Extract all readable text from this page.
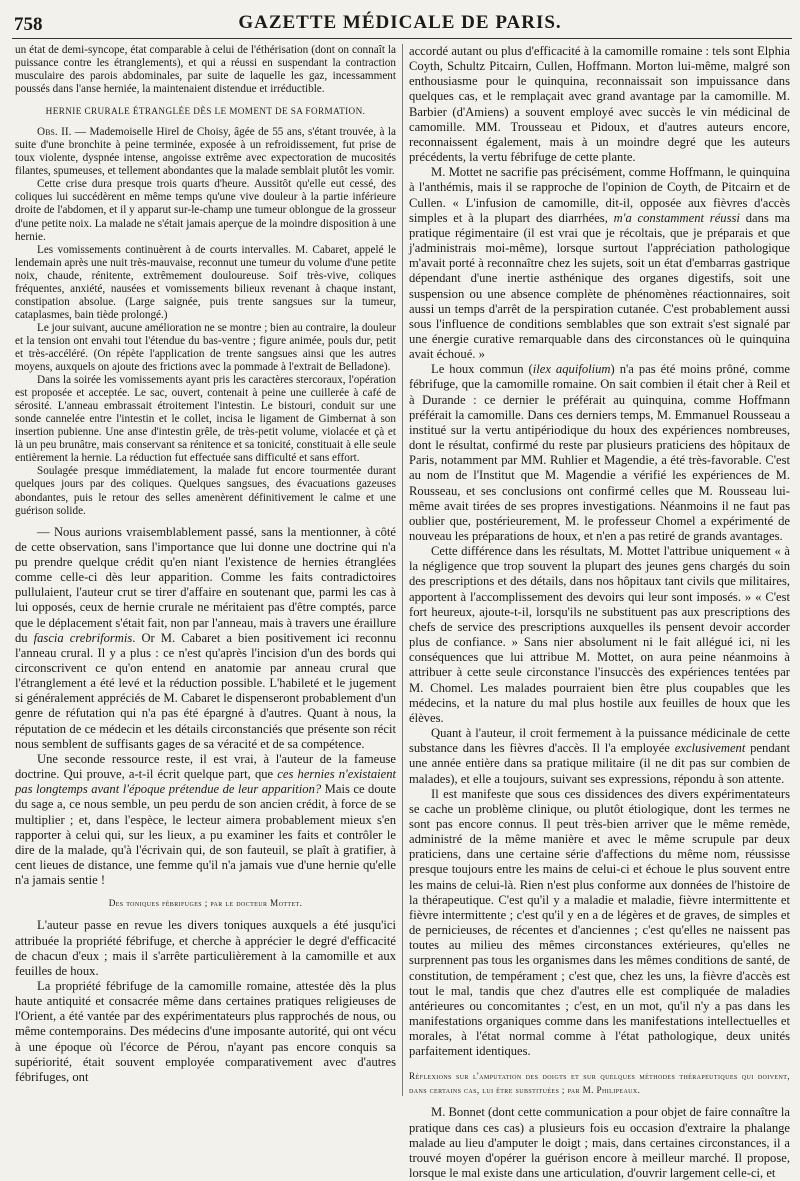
758	GAZETTE MÉDICALE DE PARIS.

un état de demi-syncope, état comparable à celui de l'éthérisation (dont on connaît la puissance contre les étranglements), et qui a réussi en suspendant la contraction musculaire des parois abdominales, par suite de laquelle les gaz, incessamment poussés dans l'anse herniée, la maintenaient distendue et irréductible.

HERNIE CRURALE ÉTRANGLÉE DÈS LE MOMENT DE SA FORMATION.

Obs. II. — Mademoiselle Hirel de Choisy, âgée de 55 ans, s'étant trouvée, à la suite d'une bronchite à peine terminée, exposée à un refroidissement, fut prise de toux violente, dyspnée intense, angoisse extrême avec expectoration de mucosités filantes, spumeuses, et tellement abondantes que la malade semblait plutôt les vomir.

Cette crise dura presque trois quarts d'heure. Aussitôt qu'elle eut cessé, des coliques lui succédèrent en même temps qu'une vive douleur à la partie inférieure droite de l'abdomen, et il y apparut sur-le-champ une tumeur oblongue de la grosseur d'une petite noix. La malade ne s'était jamais aperçue de la moindre disposition à une hernie.

Les vomissements continuèrent à de courts intervalles. M. Cabaret, appelé le lendemain après une nuit très-mauvaise, reconnut une tumeur du volume d'une petite noix, chaude, rénitente, extrêmement douloureuse. Soif très-vive, coliques fréquentes, anxiété, nausées et vomissements bilieux revenant à chaque instant, constipation absolue. (Large saignée, puis trente sangsues sur la tumeur, cataplasmes, bain tiède prolongé.)

Le jour suivant, aucune amélioration ne se montre ; bien au contraire, la douleur et la tension ont envahi tout l'étendue du bas-ventre ; figure animée, pouls dur, petit et très-accéléré. (On répète l'application de trente sangsues ainsi que les autres moyens, auxquels on ajoute des frictions avec la pommade à l'extrait de Belladone).

Dans la soirée les vomissements ayant pris les caractères stercoraux, l'opération est proposée et acceptée. Le sac, ouvert, contenait à peine une cuillerée à café de sérosité. L'anneau embrassait étroitement l'intestin. Le bistouri, conduit sur une sonde cannelée entre l'intestin et le collet, incisa le ligament de Gimbernat à son insertion pubienne. Une anse d'intestin grêle, de très-petit volume, violacée et çà et là un peu brunâtre, mais conservant sa rénitence et sa tonicité, constituait à elle seule entièrement la hernie. La réduction fut effectuée sans difficulté et sans effort.

Soulagée presque immédiatement, la malade fut encore tourmentée durant quelques jours par des coliques. Quelques sangsues, des évacuations gazeuses abondantes, puis le retour des selles amenèrent définitivement le calme et une guérison solide.

— Nous aurions vraisemblablement passé, sans la mentionner, à côté de cette observation, sans l'importance que lui donne une doctrine qui n'a pu prendre quelque crédit qu'en niant l'existence de hernies étranglées comme celle-ci dès leur apparition. Comme les faits contradictoires pullulaient, l'auteur crut se tirer d'affaire en soutenant que, parmi les cas à lui opposés, ceux de hernie crurale ne méritaient pas d'être comptés, parce que le déplacement s'était fait, non par l'anneau, mais à travers une éraillure du fascia crebriformis. Or M. Cabaret a bien positivement ici reconnu l'anneau crural. Il y a plus : ce n'est qu'après l'incision d'un des bords qui circonscrivent ce qu'on entend en anatomie par anneau crural que l'étranglement a été levé et la réduction possible. L'habileté et le jugement si généralement appréciés de M. Cabaret le dispenseront probablement d'un genre de réfutation qui n'a pas été épargné à d'autres. Quant à nous, la réputation de ce médecin et les détails circonstanciés que présente son récit nous semblent de suffisants gages de sa véracité et de sa compétence.

Une seconde ressource reste, il est vrai, à l'auteur de la fameuse doctrine. Qui prouve, a-t-il écrit quelque part, que ces hernies n'existaient pas longtemps avant l'époque prétendue de leur apparition? Mais ce doute du sage a, ce nous semble, un peu perdu de son ancien crédit, à force de se multiplier ; et, dans l'espèce, le lecteur aimera probablement mieux s'en rapporter à celui qui, sur les lieux, a pu examiner les faits et contrôler le dire de la malade, qu'à l'écrivain qui, de son fauteuil, se plaît à gratifier, à cent lieues de distance, une femme qu'il n'a jamais vue d'une hernie qu'elle n'a jamais sentie !

Des toniques fébrifuges ; par le docteur Mottet.

L'auteur passe en revue les divers toniques auxquels a été jusqu'ici attribuée la propriété fébrifuge, et cherche à apprécier le degré d'efficacité de chacun d'eux ; mais il s'arrête particulièrement à la camomille et aux feuilles de houx.

La propriété fébrifuge de la camomille romaine, attestée dès la plus haute antiquité et consacrée même dans certaines pratiques religieuses de l'Orient, a été vantée par des expérimentateurs plus rapprochés de nous, ou même contemporains. Des médecins d'une imposante autorité, qui ont vécu à une époque où l'écorce de Pérou, n'ayant pas encore conquis sa supériorité, était souvent employée comparativement avec d'autres fébrifuges, ont

accordé autant ou plus d'efficacité à la camomille romaine : tels sont Elphia Coyth, Schultz Pitcairn, Cullen, Hoffmann. Morton lui-même, malgré son enthousiasme pour le quinquina, reconnaissait son impuissance dans quelques cas, et le remplaçait avec grand avantage par la camomille. M. Barbier (d'Amiens) a souvent employé avec succès le vin médicinal de camomille. MM. Trousseau et Pidoux, et d'autres auteurs encore, reconnaissent également, mais à un moindre degré que les auteurs précédents, la vertu fébrifuge de cette plante.

M. Mottet ne sacrifie pas précisément, comme Hoffmann, le quinquina à l'anthémis, mais il se rapproche de l'opinion de Coyth, de Pitcairn et de Cullen. « L'infusion de camomille, dit-il, opposée aux fièvres d'accès simples et à la plupart des diarrhées, m'a constamment réussi dans ma pratique régimentaire (il est vrai que je récoltais, que je préparais et que j'administrais moi-même), lorsque surtout l'appréciation pathologique m'avait porté à reconnaître chez les sujets, soit un état d'embarras gastrique dépendant d'une inertie asthénique des organes digestifs, soit une suspension ou une absence complète de phénomènes réactionnaires, soit aussi un temps d'arrêt de la perspiration cutanée. C'est probablement aussi sous l'influence de conditions semblables que son extrait s'est signalé par une énergie curative remarquable dans des circonstances où le quinquina avait échoué. »

Le houx commun (ilex aquifolium) n'a pas été moins prôné, comme fébrifuge, que la camomille romaine. On sait combien il était cher à Reil et à Durande : ce dernier le préférait au quinquina, comme Hoffmann préférait la camomille. Dans ces derniers temps, M. Emmanuel Rousseau a institué sur la vertu antipériodique du houx des expériences nombreuses, dont le résultat, confirmé du reste par plusieurs praticiens des hôpitaux de Paris, notamment par MM. Ruhlier et Magendie, a été très-favorable. C'est au nom de l'Institut que M. Magendie a vérifié les expériences de M. Rousseau, et ses conclusions ont confirmé celles que M. Rousseau lui-même avait tirées de ses propres investigations. Néanmoins il ne faut pas oublier que, postérieurement, M. le professeur Chomel a expérimenté de nouveau les préparations de houx, et n'en a pas retiré de grands avantages.

Cette différence dans les résultats, M. Mottet l'attribue uniquement « à la négligence que trop souvent la plupart des jeunes gens chargés du soin des prescriptions et des détails, dans nos hôpitaux tant civils que militaires, apportent à l'accomplissement des devoirs qui leur sont imposés. » « C'est fort heureux, ajoute-t-il, lorsqu'ils ne substituent pas aux prescriptions des chefs de service des prescriptions auxquelles ils pensent devoir accorder plus de confiance. » Sans nier absolument ni le fait allégué ici, ni les conséquences que lui attribue M. Mottet, on aura peine néanmoins à attribuer à cette seule circonstance l'insuccès des expériences tentées par M. Chomel. Les malades pourraient bien être plus coupables que les médecins, et la nature du mal plus hostile aux feuilles de houx que les élèves.

Quant à l'auteur, il croit fermement à la puissance médicinale de cette substance dans les fièvres d'accès. Il l'a employée exclusivement pendant une année entière dans sa pratique militaire (il ne dit pas sur combien de malades), et elle a toujours, suivant ses expressions, répondu à son attente.

Il est manifeste que sous ces dissidences des divers expérimentateurs se cache un problème clinique, ou plutôt étiologique, dont les termes ne sont pas encore connus. Il peut très-bien arriver que le même remède, administré de la même manière et avec le même scrupule par deux praticiens, dans une certaine série d'affections du même nom, réussisse presque toujours entre les mains de celui-ci et échoue le plus souvent entre les mains de celui-là. Rien n'est plus conforme aux données de l'histoire de la thérapeutique. C'est qu'il y a maladie et maladie, fièvre intermittente et fièvre intermittente ; c'est qu'il y en a de légères et de graves, de simples et de pernicieuses, de récentes et d'anciennes ; c'est qu'elles ne naissent pas toutes au milieu des mêmes circonstances extérieures, qu'elles ne surprennent pas tous les organismes dans les mêmes conditions de santé, de constitution, de tempérament ; c'est que, chez les uns, la fièvre d'accès est tout le mal, tandis que chez d'autres elle est compliquée de maladies antérieures ou concomitantes ; c'est, en un mot, qu'il n'y a pas dans les manifestations organiques comme dans les manifestations intellectuelles et morales, à l'état normal comme à l'état pathologique, deux unités parfaitement identiques.

Réflexions sur l'amputation des doigts et sur quelques méthodes thérapeutiques qui doivent, dans certains cas, lui être substituées ; par M. Philipeaux.

M. Bonnet (dont cette communication a pour objet de faire connaître la pratique dans ces cas) a plusieurs fois eu occasion d'extraire la phalange malade au lieu d'amputer le doigt ; mais, dans certaines circonstances, il a trouvé moyen d'opérer la guérison encore à meilleur marché. Il propose, lorsque le mal existe dans une articulation, d'ouvrir largement celle-ci, et
